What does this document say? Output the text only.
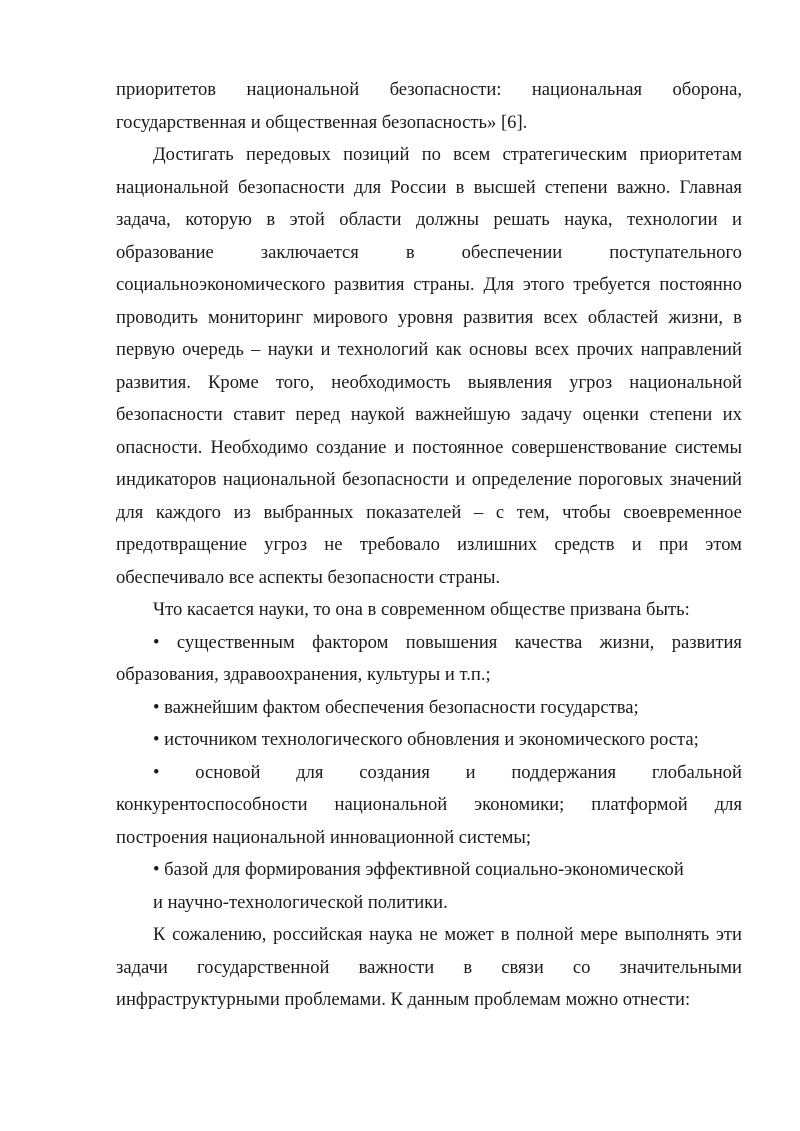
приоритетов национальной безопасности: национальная оборона,
государственная и общественная безопасность» [6].
Достигать передовых позиций по всем стратегическим приоритетам
национальной безопасности для России в высшей степени важно. Главная
задача, которую в этой области должны решать наука, технологии и
образование	заключается	в	обеспечении	поступательного
социальноэкономического развития страны. Для этого требуется постоянно
проводить мониторинг мирового уровня развития всех областей жизни, в
первую очередь – науки и технологий как основы всех прочих направлений
развития. Кроме того, необходимость выявления угроз национальной
безопасности ставит перед наукой важнейшую задачу оценки степени их
опасности. Необходимо создание и постоянное совершенствование системы
индикаторов национальной безопасности и определение пороговых значений
для каждого из выбранных показателей – с тем, чтобы своевременное
предотвращение угроз не требовало излишних средств и при этом
обеспечивало все аспекты безопасности страны.
Что касается науки, то она в современном обществе призвана быть:
• существенным фактором повышения качества жизни, развития
образования, здравоохранения, культуры и т.п.;
• важнейшим фактом обеспечения безопасности государства;
• источником технологического обновления и экономического роста;
• основой для создания и поддержания глобальной
конкурентоспособности национальной экономики; платформой для
построения национальной инновационной системы;
• базой для формирования эффективной социально-экономической
и научно-технологической политики.
К сожалению, российская наука не может в полной мере выполнять эти
задачи государственной важности в связи со значительными
инфраструктурными проблемами. К данным проблемам можно отнести:
